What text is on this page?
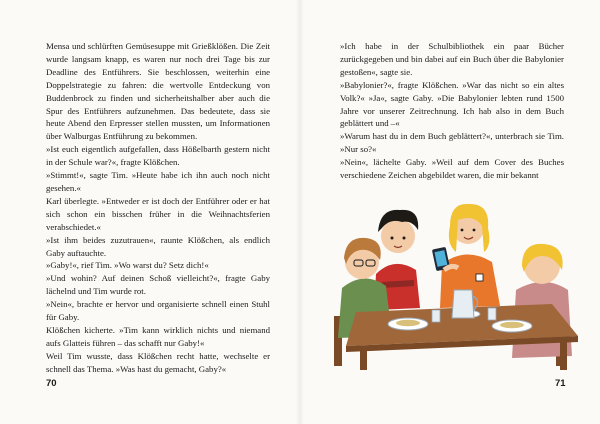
Mensa und schlürften Gemüsesuppe mit Grießklößen. Die Zeit wurde langsam knapp, es waren nur noch drei Tage bis zur Deadline des Entführers. Sie beschlossen, weiterhin eine Doppelstrategie zu fahren: die wertvolle Entdeckung von Buddenbrock zu finden und sicherheitshalber aber auch die Spur des Entführers aufzunehmen. Das bedeutete, dass sie heute Abend den Erpresser stellen mussten, um Informationen über Walburgas Entführung zu bekommen.

»Ist euch eigentlich aufgefallen, dass Hößelbarth gestern nicht in der Schule war?«, fragte Klößchen.

»Stimmt!«, sagte Tim. »Heute habe ich ihn auch noch nicht gesehen.«

Karl überlegte. »Entweder er ist doch der Entführer oder er hat sich schon ein bisschen früher in die Weihnachtsferien verabschiedet.«

»Ist ihm beides zuzutrauen«, raunte Klößchen, als endlich Gaby auftauchte.

»Gaby!«, rief Tim. »Wo warst du? Setz dich!«

»Und wohin? Auf deinen Schoß vielleicht?«, fragte Gaby lächelnd und Tim wurde rot.

»Nein«, brachte er hervor und organisierte schnell einen Stuhl für Gaby.

Klößchen kicherte. »Tim kann wirklich nichts und niemand aufs Glatteis führen – das schafft nur Gaby!«

Weil Tim wusste, dass Klößchen recht hatte, wechselte er schnell das Thema. »Was hast du gemacht, Gaby?«

70

»Ich habe in der Schulbibliothek ein paar Bücher zurückgegeben und bin dabei auf ein Buch über die Babylonier gestoßen«, sagte sie.

»Babylonier?«, fragte Klößchen. »War das nicht so ein altes Volk?« »Ja«, sagte Gaby. »Die Babylonier lebten rund 1500 Jahre vor unserer Zeitrechnung. Ich hab also in dem Buch geblättert und –«

»Warum hast du in dem Buch geblättert?«, unterbrach sie Tim. »Nur so?«

»Nein«, lächelte Gaby. »Weil auf dem Cover des Buches verschiedene Zeichen abgebildet waren, die mir bekannt

71
